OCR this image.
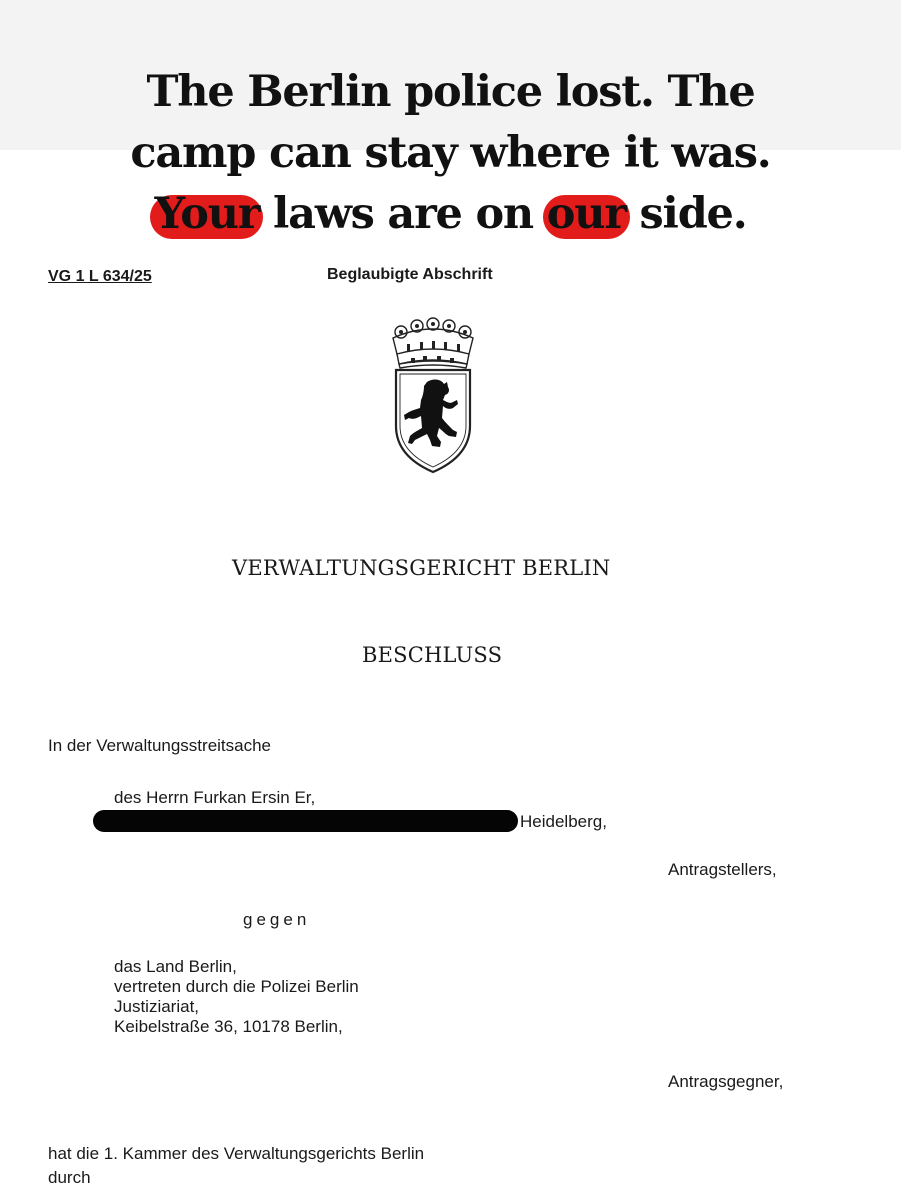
The Berlin police lost. The
camp can stay where it was.
Your laws are on our side.
VG 1 L 634/25	Beglaubigte Abschrift
VERWALTUNGSGERICHT BERLIN
BESCHLUSS
In der Verwaltungsstreitsache
des Herrn Furkan Ersin Er,
Heidelberg,
Antragstellers,
gegen
das Land Berlin,
vertreten durch die Polizei Berlin
Justiziariat,
Keibelstraße 36, 10178 Berlin,
Antragsgegner,
hat die 1. Kammer des Verwaltungsgerichts Berlin
durch
